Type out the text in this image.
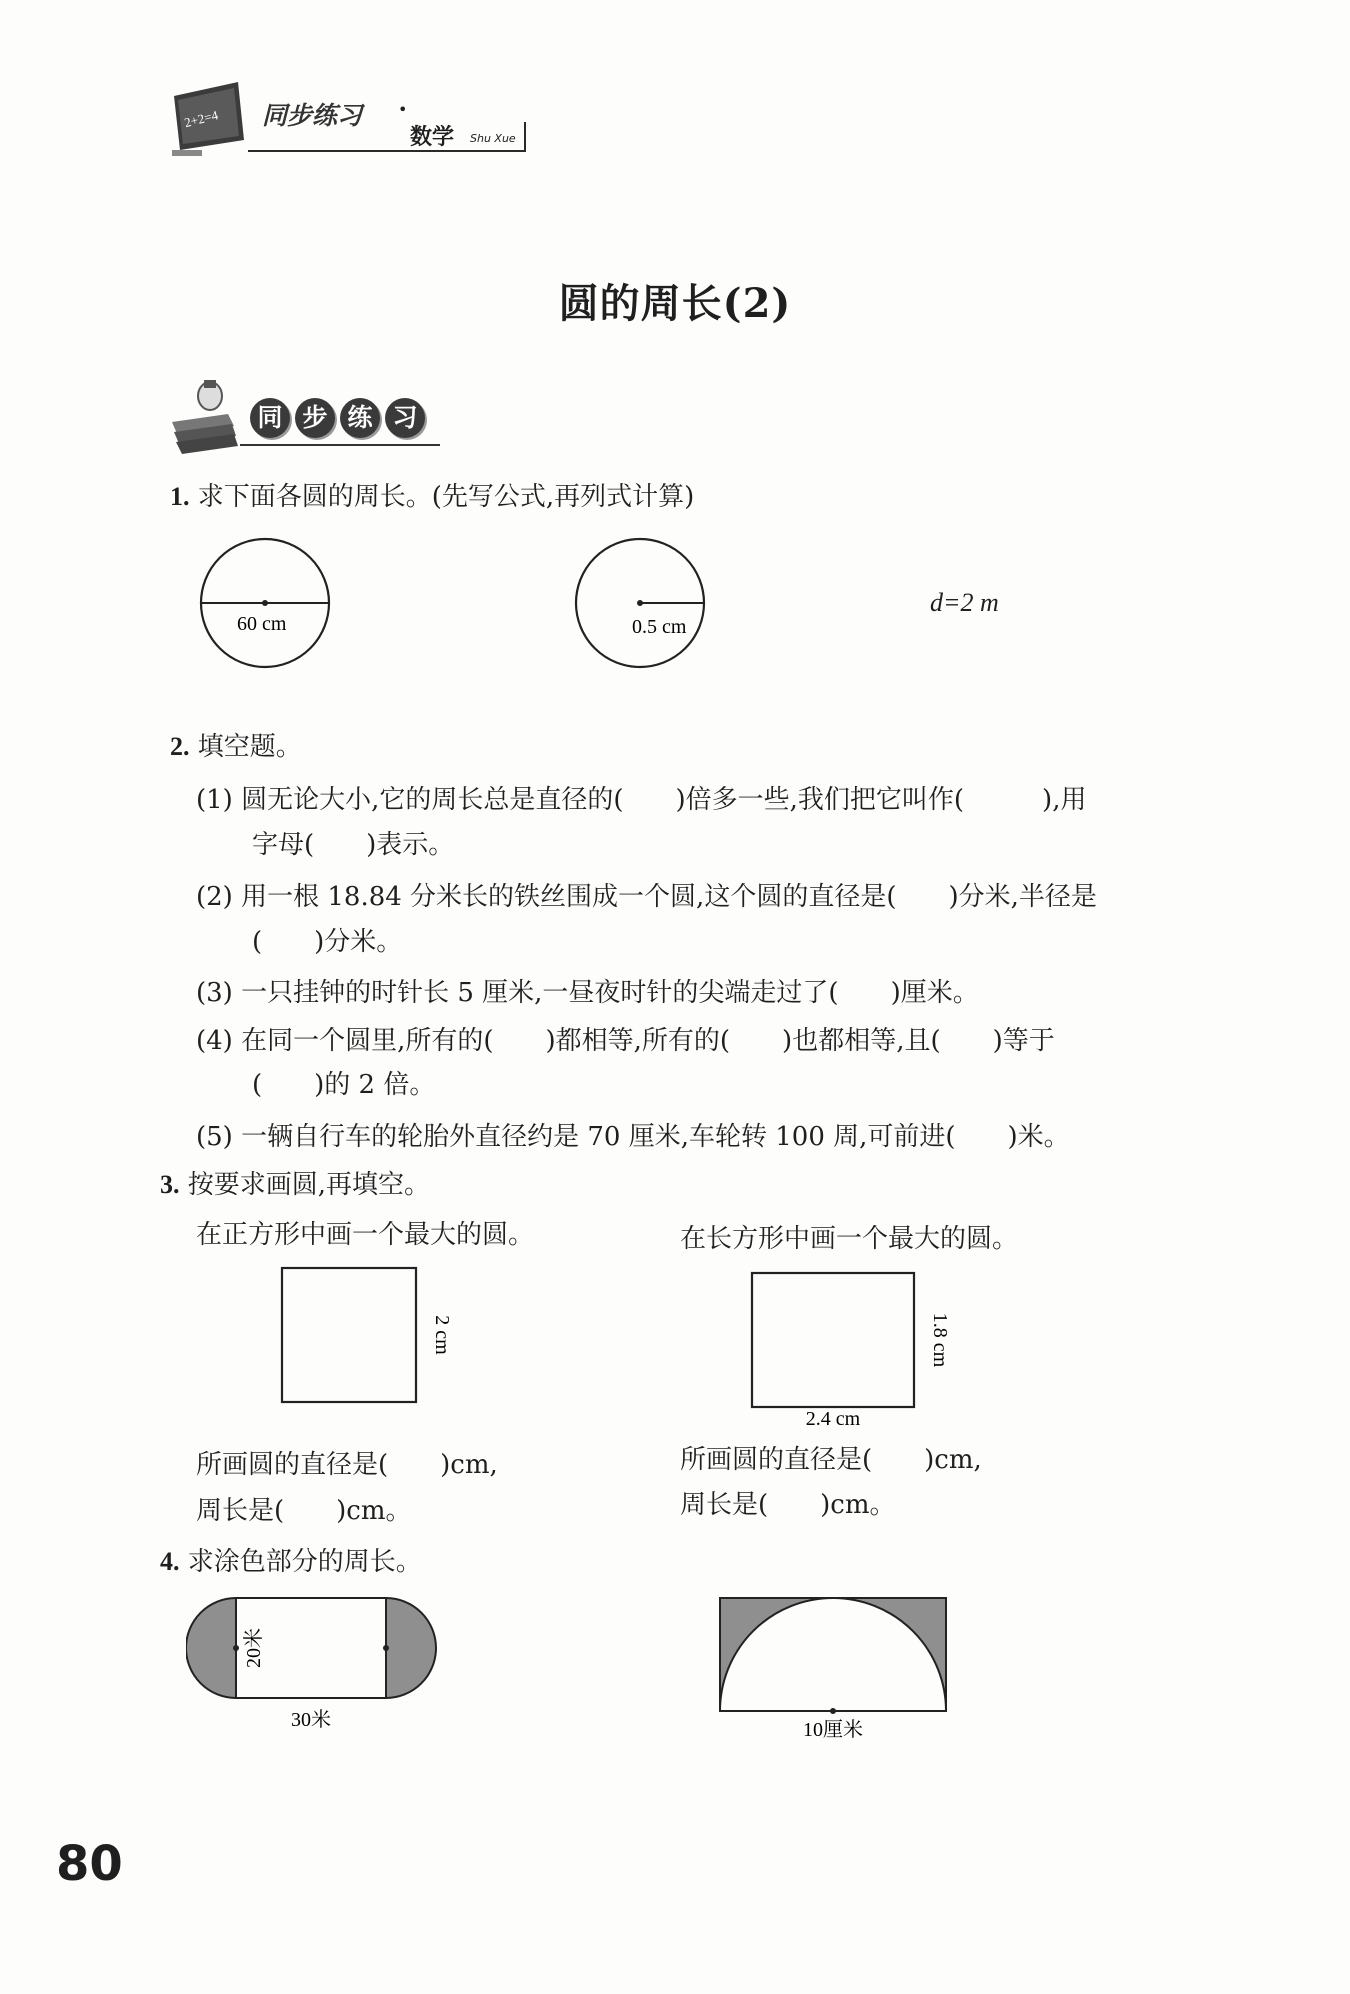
2+2=4 同步练习 •
数学 Shu Xue
圆的周长(2)
同 步 练 习
1. 求下面各圆的周长。(先写公式,再列式计算)
60 cm	0.5 cm
d=2 m
2. 填空题。
(1) 圆无论大小,它的周长总是直径的(　　)倍多一些,我们把它叫作(　　　),用
字母(　　)表示。
(2) 用一根 18.84 分米长的铁丝围成一个圆,这个圆的直径是(　　)分米,半径是
(　　)分米。
(3) 一只挂钟的时针长 5 厘米,一昼夜时针的尖端走过了(　　)厘米。
(4) 在同一个圆里,所有的(　　)都相等,所有的(　　)也都相等,且(　　)等于
(　　)的 2 倍。
(5) 一辆自行车的轮胎外直径约是 70 厘米,车轮转 100 周,可前进(　　)米。
3. 按要求画圆,再填空。
在正方形中画一个最大的圆。	在长方形中画一个最大的圆。
2 cm	1.8 cm
2.4 cm
所画圆的直径是(　　)cm,
周长是(　　)cm。
所画圆的直径是(　　)cm,
周长是(　　)cm。
4. 求涂色部分的周长。
20米
30米	10厘米
80
